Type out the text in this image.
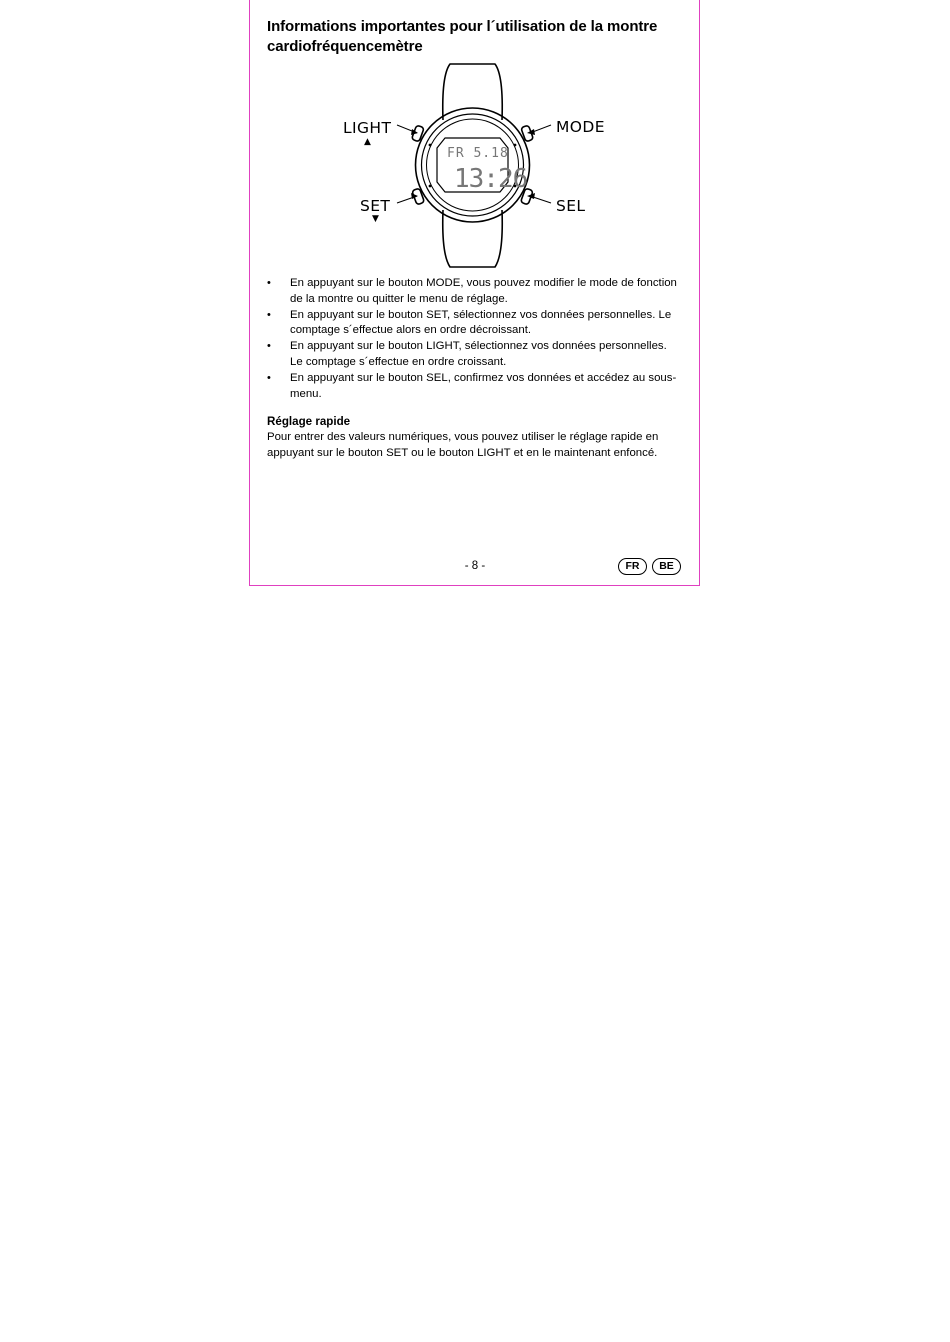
Informations importantes pour l´utilisation de la montre cardiofréquencemètre
FR 5.18
13:26
LIGHT
▲
MODE
SET
▼
SEL
• En appuyant sur le bouton MODE, vous pouvez modifier le mode de fonction de la montre ou quitter le menu de réglage.
• En appuyant sur le bouton SET, sélectionnez vos données personnelles. Le comptage s´effectue alors en ordre décroissant.
• En appuyant sur le bouton LIGHT, sélectionnez vos données personnelles. Le comptage s´effectue en ordre croissant.
• En appuyant sur le bouton SEL, confirmez vos données et accédez au sous-menu.
Réglage rapide
Pour entrer des valeurs numériques, vous pouvez utiliser le réglage rapide en appuyant sur le bouton SET ou le bouton LIGHT et en le maintenant enfoncé.
- 8 -	FR	BE
